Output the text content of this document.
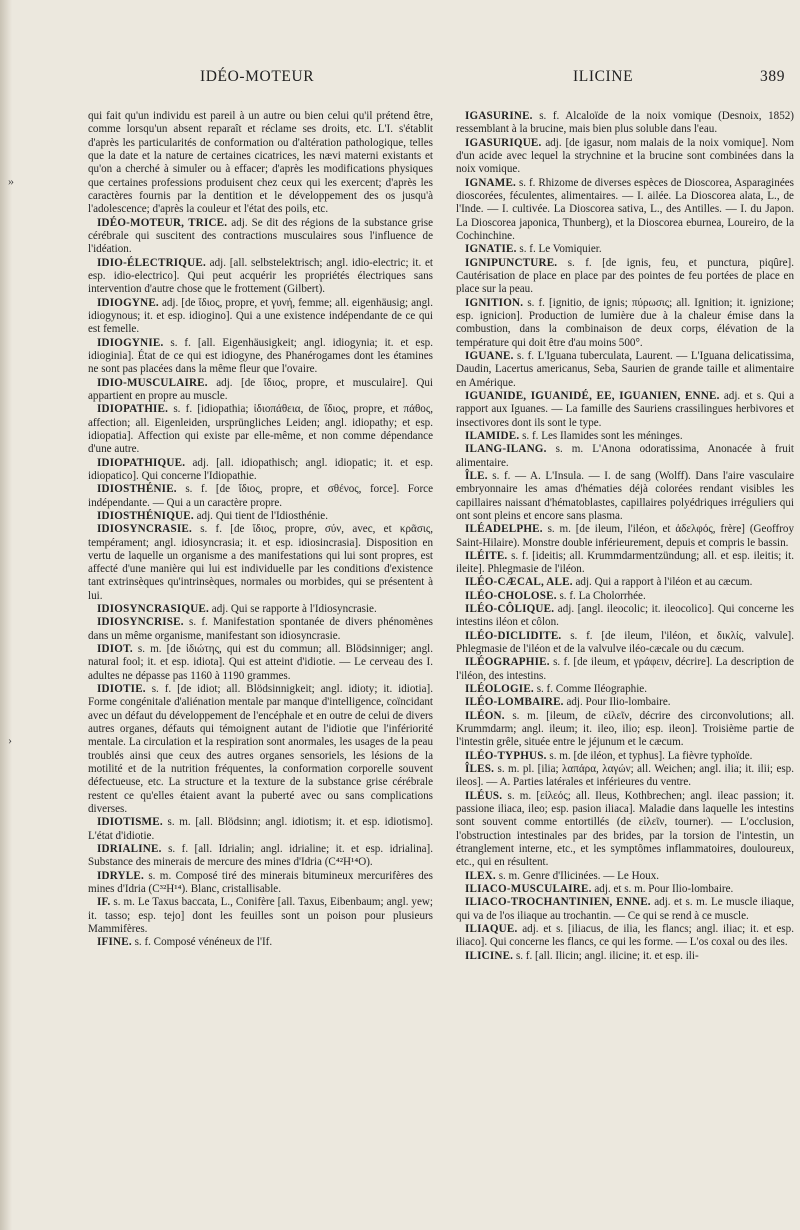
»
›
IDÉO-MOTEUR	ILICINE	389

qui fait qu'un individu est pareil à un autre ou bien celui qu'il prétend être, comme lorsqu'un absent reparaît et réclame ses droits, etc. L'I. s'établit d'après les particularités de conformation ou d'altération pathologique, telles que la date et la nature de certaines cicatrices, les nævi materni existants et qu'on a cherché à simuler ou à effacer; d'après les modifications physiques que certaines professions produisent chez ceux qui les exercent; d'après les caractères fournis par la dentition et le développement des os jusqu'à l'adolescence; d'après la couleur et l'état des poils, etc.

IDÉO-MOTEUR, TRICE. adj. Se dit des régions de la substance grise cérébrale qui suscitent des contractions musculaires sous l'influence de l'idéation.

IDIO-ÉLECTRIQUE. adj. [all. selbstelektrisch; angl. idio-electric; it. et esp. idio-electrico]. Qui peut acquérir les propriétés électriques sans intervention d'autre chose que le frottement (Gilbert).

IDIOGYNE. adj. [de ἴδιος, propre, et γυνή, femme; all. eigenhäusig; angl. idiogynous; it. et esp. idiogino]. Qui a une existence indépendante de ce qui est femelle.

IDIOGYNIE. s. f. [all. Eigenhäusigkeit; angl. idiogynia; it. et esp. idioginia]. État de ce qui est idiogyne, des Phanérogames dont les étamines ne sont pas placées dans la même fleur que l'ovaire.

IDIO-MUSCULAIRE. adj. [de ἴδιος, propre, et musculaire]. Qui appartient en propre au muscle.

IDIOPATHIE. s. f. [idiopathia; ἰδιοπάθεια, de ἴδιος, propre, et πάθος, affection; all. Eigenleiden, ursprüngliches Leiden; angl. idiopathy; et esp. idiopatia]. Affection qui existe par elle-même, et non comme dépendance d'une autre.

IDIOPATHIQUE. adj. [all. idiopathisch; angl. idiopatic; it. et esp. idiopatico]. Qui concerne l'Idiopathie.

IDIOSTHÉNIE. s. f. [de ἴδιος, propre, et σθένος, force]. Force indépendante. — Qui a un caractère propre.

IDIOSTHÉNIQUE. adj. Qui tient de l'Idiosthénie.

IDIOSYNCRASIE. s. f. [de ἴδιος, propre, σύν, avec, et κρᾶσις, tempérament; angl. idiosyncrasia; it. et esp. idiosincrasia]. Disposition en vertu de laquelle un organisme a des manifestations qui lui sont propres, est affecté d'une manière qui lui est individuelle par les conditions d'existence tant extrinsèques qu'intrinsèques, normales ou morbides, qui se présentent à lui.

IDIOSYNCRASIQUE. adj. Qui se rapporte à l'Idiosyncrasie.

IDIOSYNCRISE. s. f. Manifestation spontanée de divers phénomènes dans un même organisme, manifestant son idiosyncrasie.

IDIOT. s. m. [de ἰδιώτης, qui est du commun; all. Blödsinniger; angl. natural fool; it. et esp. idiota]. Qui est atteint d'idiotie. — Le cerveau des I. adultes ne dépasse pas 1160 à 1190 grammes.

IDIOTIE. s. f. [de idiot; all. Blödsinnigkeit; angl. idioty; it. idiotia]. Forme congénitale d'aliénation mentale par manque d'intelligence, coïncidant avec un défaut du développement de l'encéphale et en outre de celui de divers autres organes, défauts qui témoignent autant de l'idiotie que l'infériorité mentale. La circulation et la respiration sont anormales, les usages de la peau troublés ainsi que ceux des autres organes sensoriels, les lésions de la motilité et de la nutrition fréquentes, la conformation corporelle souvent défectueuse, etc. La structure et la texture de la substance grise cérébrale restent ce qu'elles étaient avant la puberté avec ou sans complications diverses.

IDIOTISME. s. m. [all. Blödsinn; angl. idiotism; it. et esp. idiotismo]. L'état d'idiotie.

IDRIALINE. s. f. [all. Idrialin; angl. idrialine; it. et esp. idrialina]. Substance des minerais de mercure des mines d'Idria (C⁴²H¹⁴O).

IDRYLE. s. m. Composé tiré des minerais bitumineux mercurifères des mines d'Idria (C³²H¹⁴). Blanc, cristallisable.

IF. s. m. Le Taxus baccata, L., Conifère [all. Taxus, Eibenbaum; angl. yew; it. tasso; esp. tejo] dont les feuilles sont un poison pour plusieurs Mammifères.

IFINE. s. f. Composé vénéneux de l'If.

IGASURINE. s. f. Alcaloïde de la noix vomique (Desnoix, 1852) ressemblant à la brucine, mais bien plus soluble dans l'eau.

IGASURIQUE. adj. [de igasur, nom malais de la noix vomique]. Nom d'un acide avec lequel la strychnine et la brucine sont combinées dans la noix vomique.

IGNAME. s. f. Rhizome de diverses espèces de Dioscorea, Asparaginées dioscorées, féculentes, alimentaires. — I. ailée. La Dioscorea alata, L., de l'Inde. — I. cultivée. La Dioscorea sativa, L., des Antilles. — I. du Japon. La Dioscorea japonica, Thunberg), et la Dioscorea eburnea, Loureiro, de la Cochinchine.

IGNATIE. s. f. Le Vomiquier.

IGNIPUNCTURE. s. f. [de ignis, feu, et punctura, piqûre]. Cautérisation de place en place par des pointes de feu portées de place en place sur la peau.

IGNITION. s. f. [ignitio, de ignis; πύρωσις; all. Ignition; it. ignizione; esp. ignicion]. Production de lumière due à la chaleur émise dans la combustion, dans la combinaison de deux corps, élévation de la température qui doit être d'au moins 500°.

IGUANE. s. f. L'Iguana tuberculata, Laurent. — L'Iguana delicatissima, Daudin, Lacertus americanus, Seba, Saurien de grande taille et alimentaire en Amérique.

IGUANIDE, IGUANIDÉ, EE, IGUANIEN, ENNE. adj. et s. Qui a rapport aux Iguanes. — La famille des Sauriens crassilingues herbivores et insectivores dont ils sont le type.

ILAMIDE. s. f. Les Ilamides sont les méninges.

ILANG-ILANG. s. m. L'Anona odoratissima, Anonacée à fruit alimentaire.

ÎLE. s. f. — A. L'Insula. — I. de sang (Wolff). Dans l'aire vasculaire embryonnaire les amas d'hématies déjà colorées rendant visibles les capillaires naissant d'hématoblastes, capillaires polyédriques irréguliers qui ont sont pleins et encore sans plasma.

ILÉADELPHE. s. m. [de ileum, l'iléon, et ἀδελφός, frère] (Geoffroy Saint-Hilaire). Monstre double inférieurement, depuis et compris le bassin.

ILÉITE. s. f. [ideitis; all. Krummdarmentzündung; all. et esp. ileitis; it. ileite]. Phlegmasie de l'iléon.

ILÉO-CÆCAL, ALE. adj. Qui a rapport à l'iléon et au cæcum.

ILÉO-CHOLOSE. s. f. La Cholorrhée.

ILÉO-CÔLIQUE. adj. [angl. ileocolic; it. ileocolico]. Qui concerne les intestins iléon et côlon.

ILÉO-DICLIDITE. s. f. [de ileum, l'iléon, et δικλίς, valvule]. Phlegmasie de l'iléon et de la valvulve iléo-cæcale ou du cæcum.

ILÉOGRAPHIE. s. f. [de ileum, et γράφειν, décrire]. La description de l'iléon, des intestins.

ILÉOLOGIE. s. f. Comme Iléographie.

ILÉO-LOMBAIRE. adj. Pour Ilio-lombaire.

ILÉON. s. m. [ileum, de εἰλεῖν, décrire des circonvolutions; all. Krummdarm; angl. ileum; it. ileo, ilio; esp. ileon]. Troisième partie de l'intestin grêle, située entre le jéjunum et le cæcum.

ILÉO-TYPHUS. s. m. [de iléon, et typhus]. La fièvre typhoïde.

ÎLES. s. m. pl. [ilia; λαπάρα, λαγών; all. Weichen; angl. ilia; it. ilii; esp. ileos]. — A. Parties latérales et inférieures du ventre.

ILÉUS. s. m. [εἰλεός; all. Ileus, Kothbrechen; angl. ileac passion; it. passione iliaca, ileo; esp. pasion iliaca]. Maladie dans laquelle les intestins sont souvent comme entortillés (de εἰλεῖν, tourner). — L'occlusion, l'obstruction intestinales par des brides, par la torsion de l'intestin, un étranglement interne, etc., et les symptômes inflammatoires, douloureux, etc., qui en résultent.

ILEX. s. m. Genre d'Ilicinées. — Le Houx.

ILIACO-MUSCULAIRE. adj. et s. m. Pour Ilio-lombaire.

ILIACO-TROCHANTINIEN, ENNE. adj. et s. m. Le muscle iliaque, qui va de l'os iliaque au trochantin. — Ce qui se rend à ce muscle.

ILIAQUE. adj. et s. [iliacus, de ilia, les flancs; angl. iliac; it. et esp. iliaco]. Qui concerne les flancs, ce qui les forme. — L'os coxal ou des iles.

ILICINE. s. f. [all. Ilicin; angl. ilicine; it. et esp. ili-
